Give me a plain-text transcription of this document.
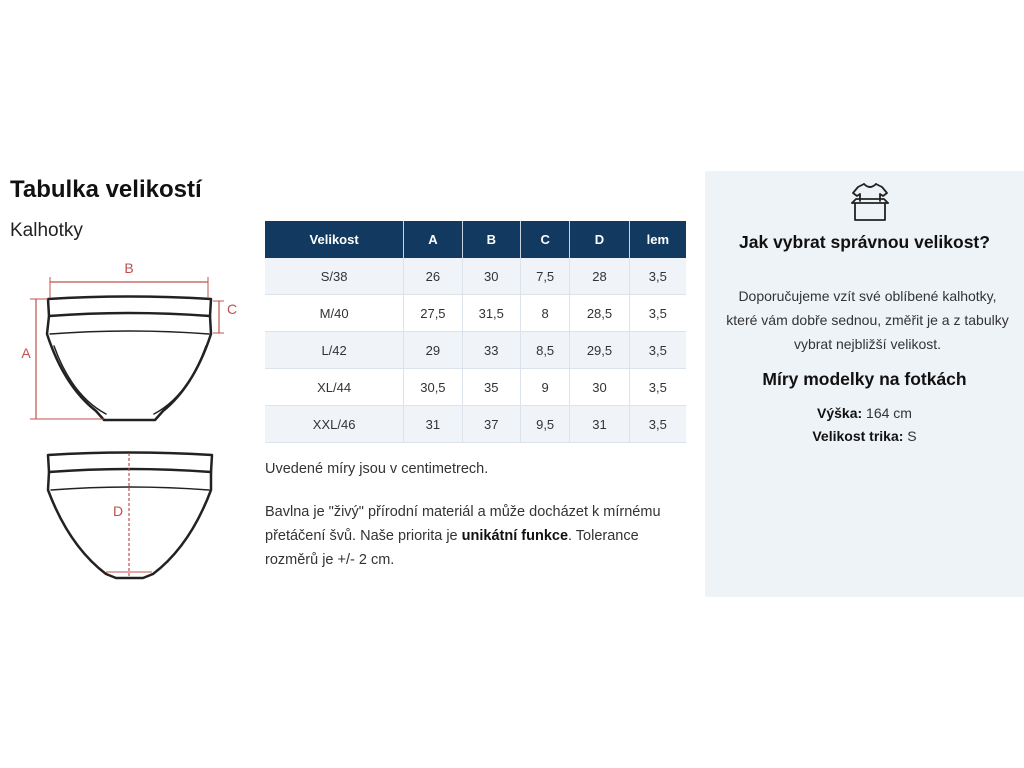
Tabulka velikostí
Kalhotky
B
A
C
D
Velikost	A	B	C	D	lem
S/38	26	30	7,5	28	3,5
M/40	27,5	31,5	8	28,5	3,5
L/42	29	33	8,5	29,5	3,5
XL/44	30,5	35	9	30	3,5
XXL/46	31	37	9,5	31	3,5
Uvedené míry jsou v centimetrech.
Bavlna je "živý" přírodní materiál a může docházet k mírnému přetáčení švů. Naše priorita je unikátní funkce. Tolerance rozměrů je +/- 2 cm.
Jak vybrat správnou velikost?
Doporučujeme vzít své oblíbené kalhotky, které vám dobře sednou, změřit je a z tabulky vybrat nejbližší velikost.
Míry modelky na fotkách
Výška: 164 cm
Velikost trika: S
